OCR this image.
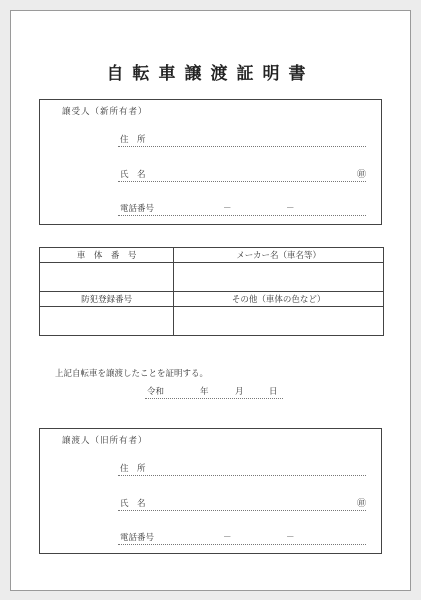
自転車譲渡証明書
譲受人（新所有者）
住　所
氏　名	㊞
電話番号	－	－
車　体　番　号	メーカー名（車名等）

防犯登録番号	その他（車体の色など）

上記自転車を譲渡したことを証明する。
令和	年	月	日
譲渡人（旧所有者）
住　所
氏　名	㊞
電話番号	－	－
